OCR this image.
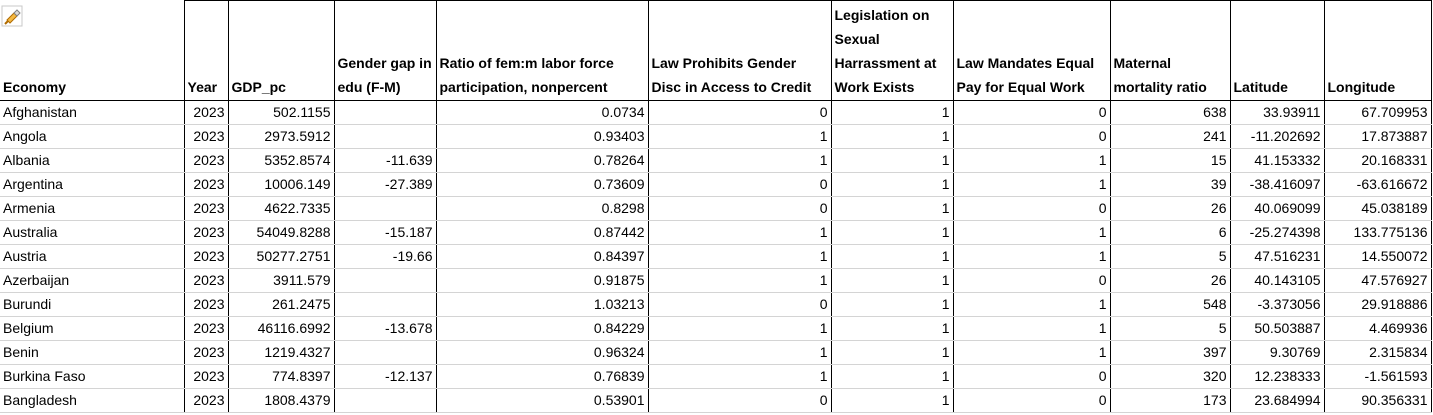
Economy	Year	GDP_pc	Gender gap in edu (F-M)	Ratio of fem:m labor force participation, nonpercent	Law Prohibits Gender Disc in Access to Credit	Legislation on Sexual Harrassment at Work Exists	Law Mandates Equal Pay for Equal Work	Maternal mortality ratio	Latitude	Longitude
Afghanistan	2023	502.1155		0.0734	0	1	0	638	33.93911	67.709953
Angola	2023	2973.5912		0.93403	1	1	0	241	-11.202692	17.873887
Albania	2023	5352.8574	-11.639	0.78264	1	1	1	15	41.153332	20.168331
Argentina	2023	10006.149	-27.389	0.73609	0	1	1	39	-38.416097	-63.616672
Armenia	2023	4622.7335		0.8298	0	1	0	26	40.069099	45.038189
Australia	2023	54049.8288	-15.187	0.87442	1	1	1	6	-25.274398	133.775136
Austria	2023	50277.2751	-19.66	0.84397	1	1	1	5	47.516231	14.550072
Azerbaijan	2023	3911.579		0.91875	1	1	0	26	40.143105	47.576927
Burundi	2023	261.2475		1.03213	0	1	1	548	-3.373056	29.918886
Belgium	2023	46116.6992	-13.678	0.84229	1	1	1	5	50.503887	4.469936
Benin	2023	1219.4327		0.96324	1	1	1	397	9.30769	2.315834
Burkina Faso	2023	774.8397	-12.137	0.76839	1	1	0	320	12.238333	-1.561593
Bangladesh	2023	1808.4379		0.53901	0	1	0	173	23.684994	90.356331
